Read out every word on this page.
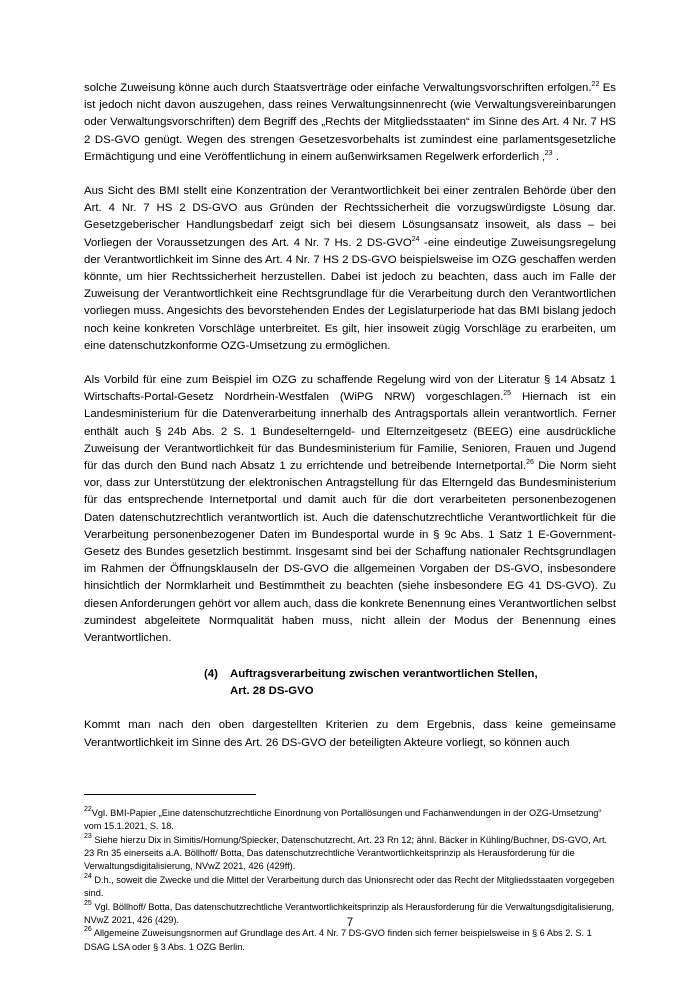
solche Zuweisung könne auch durch Staatsverträge oder einfache Verwaltungsvorschriften erfolgen.$^{22}$ Es ist jedoch nicht davon auszugehen, dass reines Verwaltungsinnenrecht (wie Verwaltungsvereinbarungen oder Verwaltungsvorschriften) dem Begriff des „Rechts der Mitgliedsstaaten“ im Sinne des Art. 4 Nr. 7 HS 2 DS-GVO genügt. Wegen des strengen Gesetzesvorbehalts ist zumindest eine parlamentsgesetzliche Ermächtigung und eine Veröffentlichung in einem außenwirksamen Regelwerk erforderlich ‚$^{23}$ .

Aus Sicht des BMI stellt eine Konzentration der Verantwortlichkeit bei einer zentralen Behörde über den Art. 4 Nr. 7 HS 2 DS-GVO aus Gründen der Rechtssicherheit die vorzugswürdigste Lösung dar. Gesetzgeberischer Handlungsbedarf zeigt sich bei diesem Lösungsansatz insoweit, als dass – bei Vorliegen der Voraussetzungen des Art. 4 Nr. 7 Hs. 2 DS-GVO$^{24}$ -eine eindeutige Zuweisungsregelung der Verantwortlichkeit im Sinne des Art. 4 Nr. 7 HS 2 DS-GVO beispielsweise im OZG geschaffen werden könnte, um hier Rechtssicherheit herzustellen. Dabei ist jedoch zu beachten, dass auch im Falle der Zuweisung der Verantwortlichkeit eine Rechtsgrundlage für die Verarbeitung durch den Verantwortlichen vorliegen muss. Angesichts des bevorstehenden Endes der Legislaturperiode hat das BMI bislang jedoch noch keine konkreten Vorschläge unterbreitet. Es gilt, hier insoweit zügig Vorschläge zu erarbeiten, um eine datenschutzkonforme OZG-Umsetzung zu ermöglichen.

Als Vorbild für eine zum Beispiel im OZG zu schaffende Regelung wird von der Literatur § 14 Absatz 1 Wirtschafts-Portal-Gesetz Nordrhein-Westfalen (WiPG NRW) vorgeschlagen.$^{25}$ Hiernach ist ein Landesministerium für die Datenverarbeitung innerhalb des Antragsportals allein verantwortlich. Ferner enthält auch § 24b Abs. 2 S. 1 Bundeselterngeld- und Elternzeitgesetz (BEEG) eine ausdrückliche Zuweisung der Verantwortlichkeit für das Bundesministerium für Familie, Senioren, Frauen und Jugend für das durch den Bund nach Absatz 1 zu errichtende und betreibende Internetportal.$^{26}$ Die Norm sieht vor, dass zur Unterstützung der elektronischen Antragstellung für das Elterngeld das Bundesministerium für das entsprechende Internetportal und damit auch für die dort verarbeiteten personenbezogenen Daten datenschutzrechtlich verantwortlich ist. Auch die datenschutzrechtliche Verantwortlichkeit für die Verarbeitung personenbezogener Daten im Bundesportal wurde in § 9c Abs. 1 Satz 1 E-Government-Gesetz des Bundes gesetzlich bestimmt. Insgesamt sind bei der Schaffung nationaler Rechtsgrundlagen im Rahmen der Öffnungsklauseln der DS-GVO die allgemeinen Vorgaben der DS-GVO, insbesondere hinsichtlich der Normklarheit und Bestimmtheit zu beachten (siehe insbesondere EG 41 DS-GVO). Zu diesen Anforderungen gehört vor allem auch, dass die konkrete Benennung eines Verantwortlichen selbst zumindest abgeleitete Normqualität haben muss, nicht allein der Modus der Benennung eines Verantwortlichen.

(4)	Auftragsverarbeitung zwischen verantwortlichen Stellen,
Art. 28 DS-GVO

Kommt man nach den oben dargestellten Kriterien zu dem Ergebnis, dass keine gemeinsame Verantwortlichkeit im Sinne des Art. 26 DS-GVO der beteiligten Akteure vorliegt, so können auch

$^{22}$Vgl. BMI-Papier „Eine datenschutzrechtliche Einordnung von Portallösungen und Fachanwendungen in der OZG-Umsetzung“ vom 15.1.2021, S. 18.

$^{23}$ Siehe hierzu Dix in Simitis/Hornung/Spiecker, Datenschutzrecht, Art. 23 Rn 12; ähnl. Bäcker in Kühling/Buchner, DS-GVO, Art. 23 Rn 35 einerseits a.A. Böllhoff/ Botta, Das datenschutzrechtliche Verantwortlichkeitsprinzip als Herausforderung für die Verwaltungsdigitalisierung, NVwZ 2021, 426 (429ff).

$^{24}$ D.h., soweit die Zwecke und die Mittel der Verarbeitung durch das Unionsrecht oder das Recht der Mitgliedsstaaten vorgegeben sind.

$^{25}$ Vgl. Böllhoff/ Botta, Das datenschutzrechtliche Verantwortlichkeitsprinzip als Herausforderung für die Verwaltungsdigitalisierung, NVwZ 2021, 426 (429).

$^{26}$ Allgemeine Zuweisungsnormen auf Grundlage des Art. 4 Nr. 7 DS-GVO finden sich ferner beispielsweise in § 6 Abs 2. S. 1 DSAG LSA oder § 3 Abs. 1 OZG Berlin.

7
